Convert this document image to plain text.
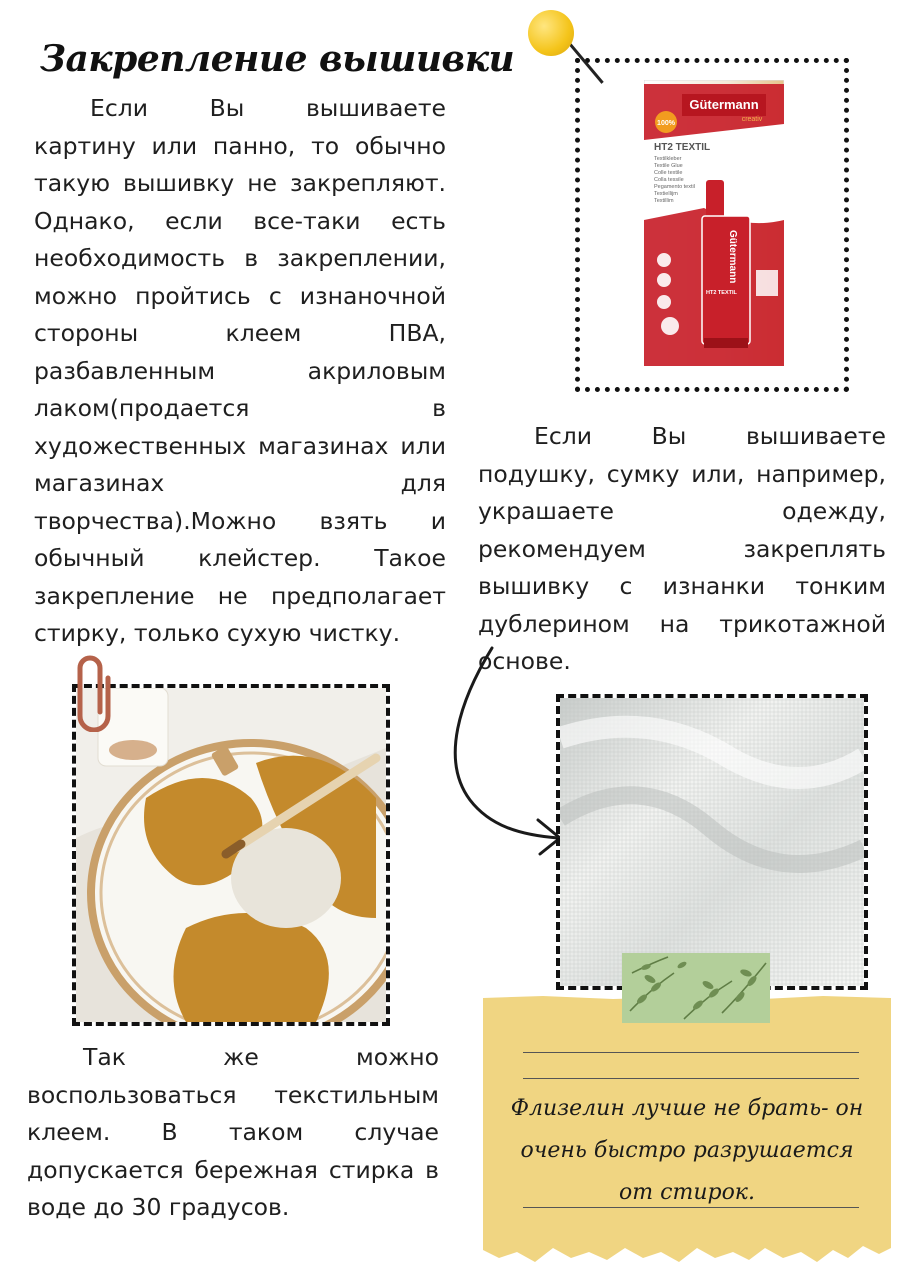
Закрепление вышивки
Если Вы вышиваете картину или панно, то обычно такую вышивку не закрепляют. Однако, если все-таки есть необходимость в закреплении, можно пройтись с изнаночной стороны клеем ПВА, разбавленным акриловым лаком(продается в художественных магазинах или магазинах для творчества).Можно взять и обычный клейстер. Такое закрепление не предполагает стирку, только сухую чистку.
Gütermann
creativ
100%
HT2 TEXTIL
Textilkleber Textile Glue Colle textile Colla tessile Pegamento textil Textiellijm Textillim
Gütermann
HT2 TEXTIL
Если Вы вышиваете подушку, сумку или, например, украшаете одежду, рекомендуем закреплять вышивку с изнанки тонким дублерином на трикотажной основе.
Флизелин лучше не брать- он очень быстро разрушается от стирок.
Так же можно воспользоваться текстильным клеем. В таком случае допускается бережная стирка в воде до 30 градусов.
